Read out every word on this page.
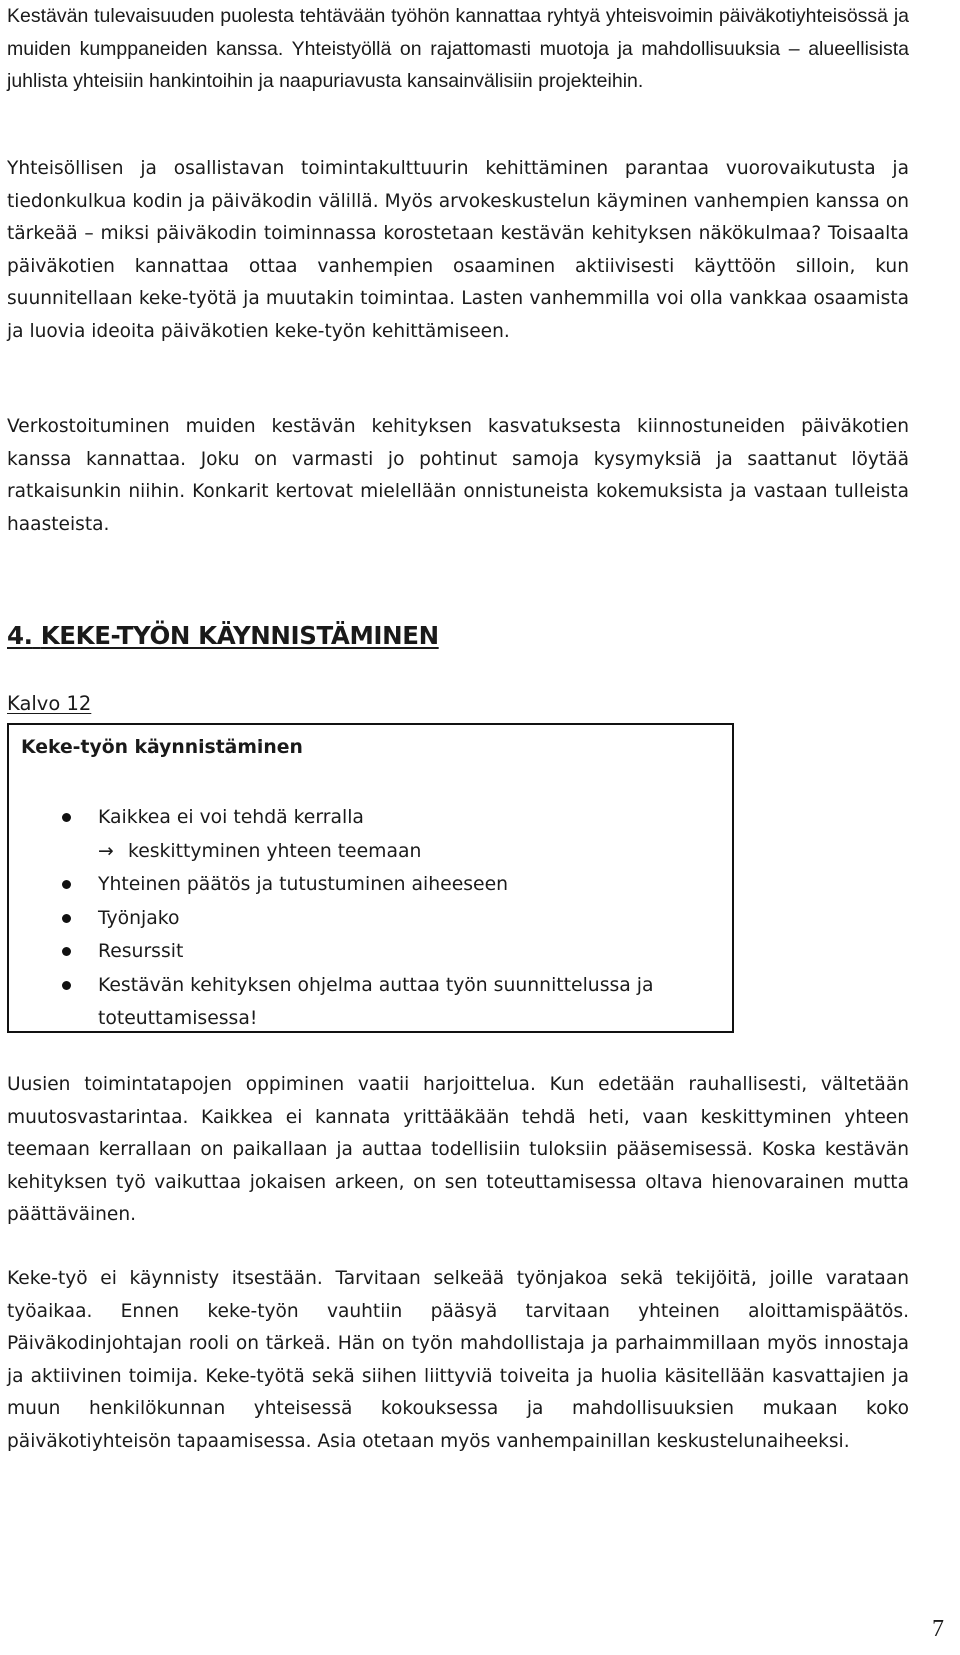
Kestävän tulevaisuuden puolesta tehtävään työhön kannattaa ryhtyä yhteisvoimin päiväkotiyhteisössä ja muiden kumppaneiden kanssa. Yhteistyöllä on rajattomasti muotoja ja mahdollisuuksia – alueellisista juhlista yhteisiin hankintoihin ja naapuriavusta kansainvälisiin projekteihin.

Yhteisöllisen ja osallistavan toimintakulttuurin kehittäminen parantaa vuorovaikutusta ja tiedonkulkua kodin ja päiväkodin välillä. Myös arvokeskustelun käyminen vanhempien kanssa on tärkeää – miksi päiväkodin toiminnassa korostetaan kestävän kehityksen näkökulmaa? Toisaalta päiväkotien kannattaa ottaa vanhempien osaaminen aktiivisesti käyttöön silloin, kun suunnitellaan keke-työtä ja muutakin toimintaa. Lasten vanhemmilla voi olla vankkaa osaamista ja luovia ideoita päiväkotien keke-työn kehittämiseen.

Verkostoituminen muiden kestävän kehityksen kasvatuksesta kiinnostuneiden päiväkotien kanssa kannattaa. Joku on varmasti jo pohtinut samoja kysymyksiä ja saattanut löytää ratkaisunkin niihin. Konkarit kertovat mielellään onnistuneista kokemuksista ja vastaan tulleista haasteista.

4. KEKE-TYÖN KÄYNNISTÄMINEN

Kalvo 12

Keke-työn käynnistäminen

Kaikkea ei voi tehdä kerralla
→ keskittyminen yhteen teemaan
Yhteinen päätös ja tutustuminen aiheeseen
Työnjako
Resurssit
Kestävän kehityksen ohjelma auttaa työn suunnittelussa ja toteuttamisessa!

Uusien toimintatapojen oppiminen vaatii harjoittelua. Kun edetään rauhallisesti, vältetään muutosvastarintaa. Kaikkea ei kannata yrittääkään tehdä heti, vaan keskittyminen yhteen teemaan kerrallaan on paikallaan ja auttaa todellisiin tuloksiin pääsemisessä. Koska kestävän kehityksen työ vaikuttaa jokaisen arkeen, on sen toteuttamisessa oltava hienovarainen mutta päättäväinen.

Keke-työ ei käynnisty itsestään. Tarvitaan selkeää työnjakoa sekä tekijöitä, joille varataan työaikaa. Ennen keke-työn vauhtiin pääsyä tarvitaan yhteinen aloittamispäätös. Päiväkodinjohtajan rooli on tärkeä. Hän on työn mahdollistaja ja parhaimmillaan myös innostaja ja aktiivinen toimija. Keke-työtä sekä siihen liittyviä toiveita ja huolia käsitellään kasvattajien ja muun henkilökunnan yhteisessä kokouksessa ja mahdollisuuksien mukaan koko päiväkotiyhteisön tapaamisessa. Asia otetaan myös vanhempainillan keskustelunaiheeksi.

7
